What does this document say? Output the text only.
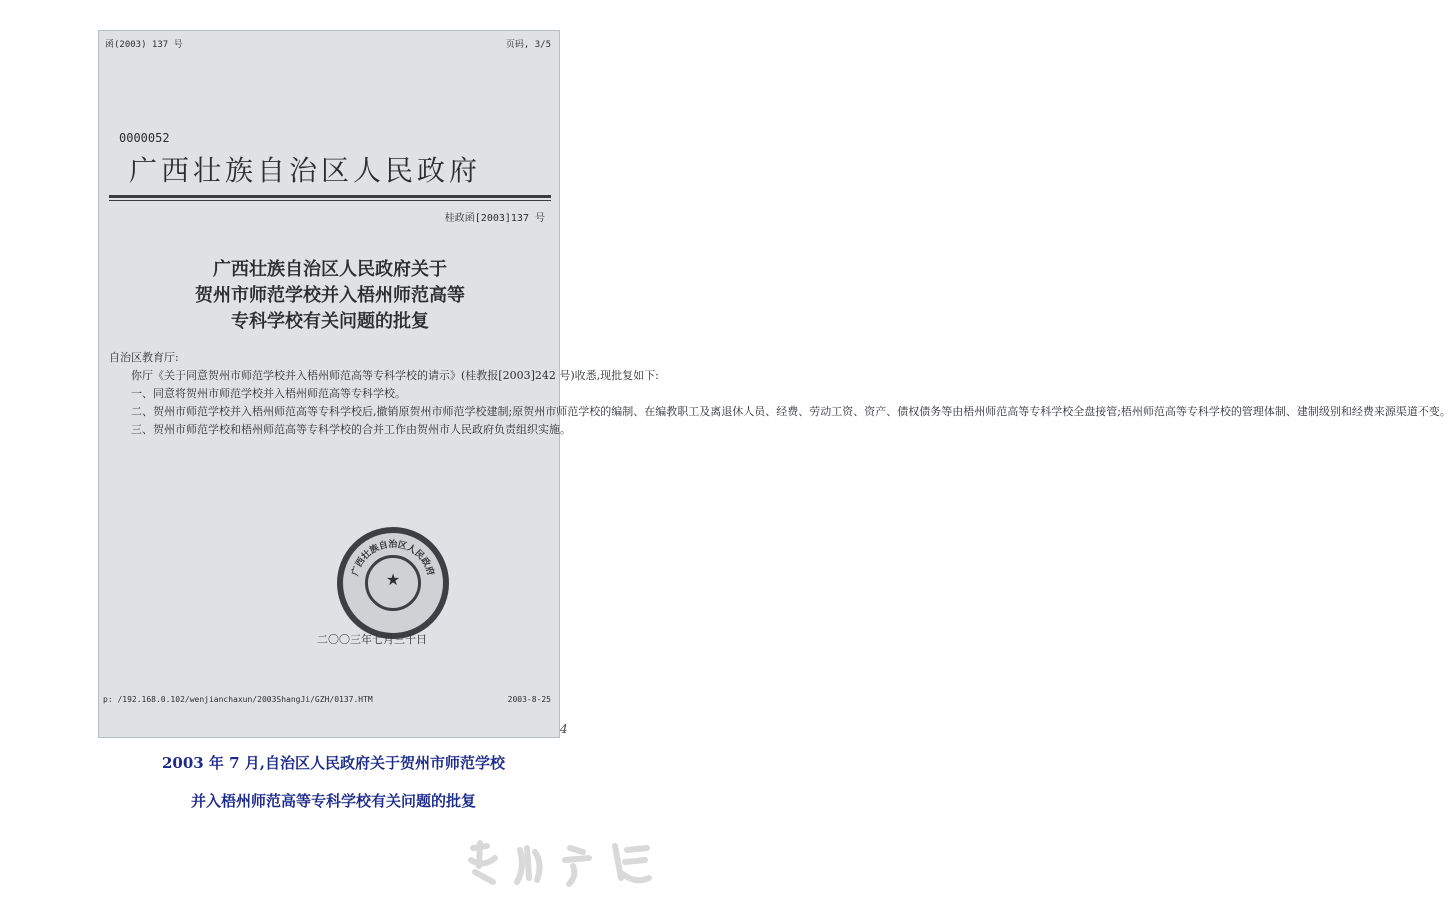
函(2003) 137 号	页码, 3/5
0000052
广西壮族自治区人民政府
桂政函[2003]137 号
广西壮族自治区人民政府关于
贺州市师范学校并入梧州师范高等
专科学校有关问题的批复

自治区教育厅:

你厅《关于同意贺州市师范学校并入梧州师范高等专科学校的请示》(桂教报[2003]242 号)收悉,现批复如下:

一、同意将贺州市师范学校并入梧州师范高等专科学校。

二、贺州市师范学校并入梧州师范高等专科学校后,撤销原贺州市师范学校建制;原贺州市师范学校的编制、在编教职工及离退休人员、经费、劳动工资、资产、债权债务等由梧州师范高等专科学校全盘接管;梧州师范高等专科学校的管理体制、建制级别和经费来源渠道不变。

三、贺州市师范学校和梧州师范高等专科学校的合并工作由贺州市人民政府负责组织实施。

★
广西壮族自治区人民政府
二〇〇三年七月三十日
p: /192.168.0.102/wenjianchaxun/2003ShangJi/GZH/0137.HTM	2003-8-25
4
2003 年 7 月,自治区人民政府关于贺州市师范学校
并入梧州师范高等专科学校有关问题的批复
